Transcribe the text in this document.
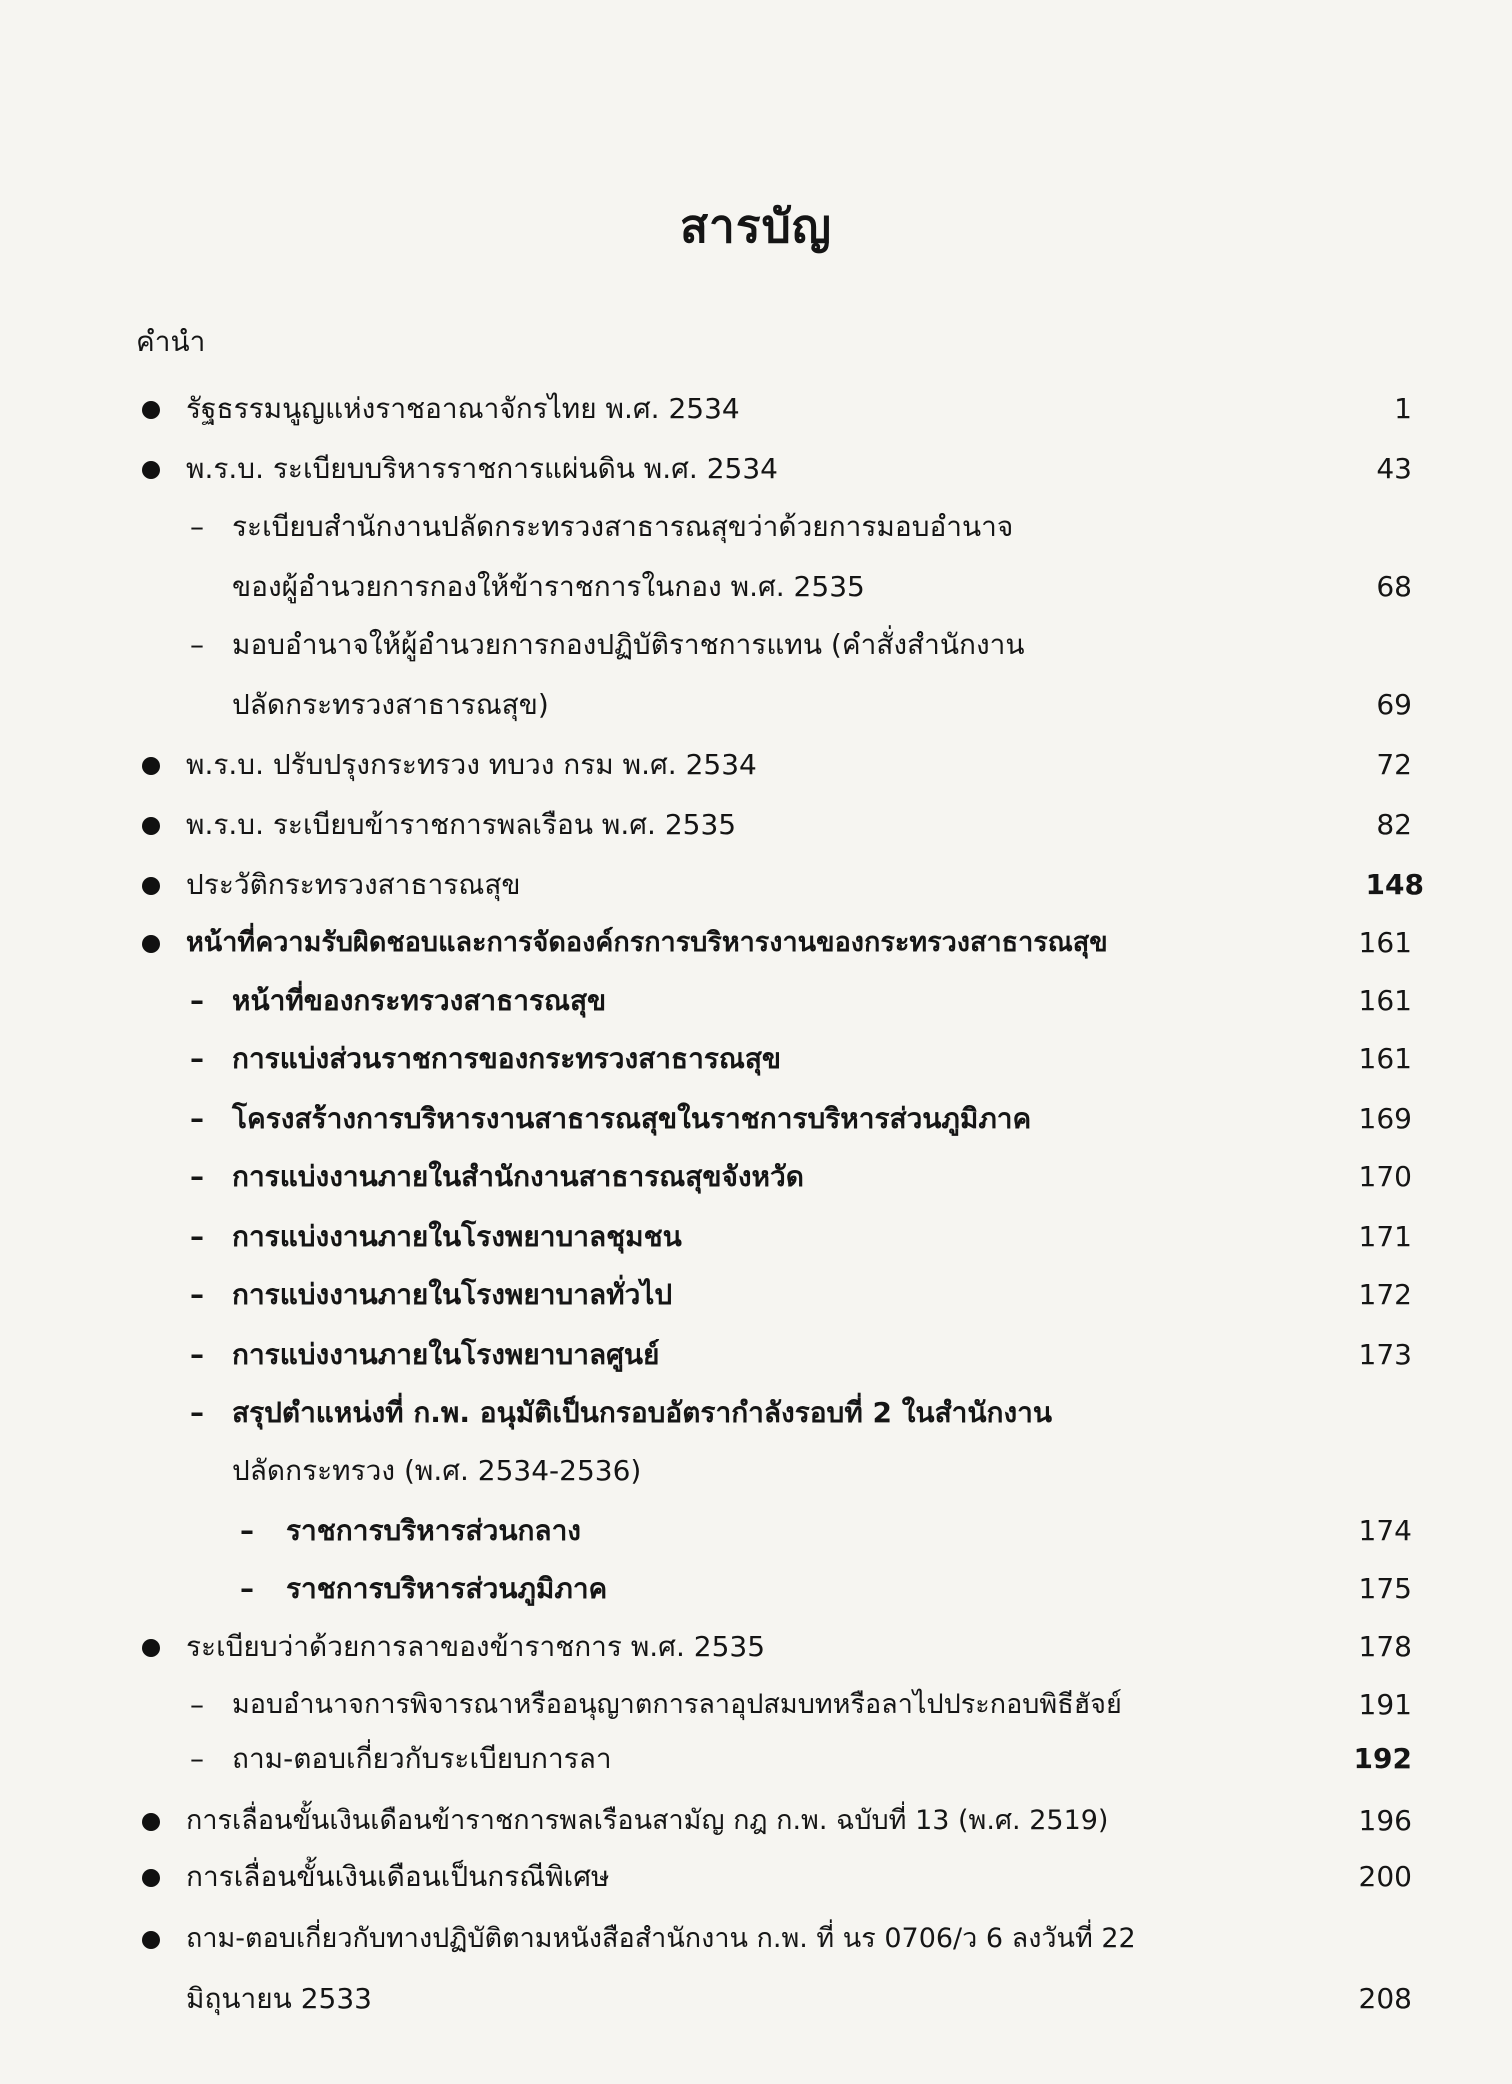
สารบัญ
คำนำ
รัฐธรรมนูญแห่งราชอาณาจักรไทย พ.ศ. 2534	1
พ.ร.บ. ระเบียบบริหารราชการแผ่นดิน พ.ศ. 2534	43
– ระเบียบสำนักงานปลัดกระทรวงสาธารณสุขว่าด้วยการมอบอำนาจ
ของผู้อำนวยการกองให้ข้าราชการในกอง พ.ศ. 2535	68
– มอบอำนาจให้ผู้อำนวยการกองปฏิบัติราชการแทน (คำสั่งสำนักงาน
ปลัดกระทรวงสาธารณสุข)	69
พ.ร.บ. ปรับปรุงกระทรวง ทบวง กรม พ.ศ. 2534	72
พ.ร.บ. ระเบียบข้าราชการพลเรือน พ.ศ. 2535	82
ประวัติกระทรวงสาธารณสุข	148
หน้าที่ความรับผิดชอบและการจัดองค์กรการบริหารงานของกระทรวงสาธารณสุข	161
– หน้าที่ของกระทรวงสาธารณสุข	161
– การแบ่งส่วนราชการของกระทรวงสาธารณสุข	161
– โครงสร้างการบริหารงานสาธารณสุขในราชการบริหารส่วนภูมิภาค	169
– การแบ่งงานภายในสำนักงานสาธารณสุขจังหวัด	170
– การแบ่งงานภายในโรงพยาบาลชุมชน	171
– การแบ่งงานภายในโรงพยาบาลทั่วไป	172
– การแบ่งงานภายในโรงพยาบาลศูนย์	173
– สรุปตำแหน่งที่ ก.พ. อนุมัติเป็นกรอบอัตรากำลังรอบที่ 2 ในสำนักงาน
ปลัดกระทรวง (พ.ศ. 2534-2536)
– ราชการบริหารส่วนกลาง	174
– ราชการบริหารส่วนภูมิภาค	175
ระเบียบว่าด้วยการลาของข้าราชการ พ.ศ. 2535	178
– มอบอำนาจการพิจารณาหรืออนุญาตการลาอุปสมบทหรือลาไปประกอบพิธีฮัจย์	191
– ถาม-ตอบเกี่ยวกับระเบียบการลา	192
การเลื่อนขั้นเงินเดือนข้าราชการพลเรือนสามัญ กฎ ก.พ. ฉบับที่ 13 (พ.ศ. 2519)	196
การเลื่อนขั้นเงินเดือนเป็นกรณีพิเศษ	200
ถาม-ตอบเกี่ยวกับทางปฏิบัติตามหนังสือสำนักงาน ก.พ. ที่ นร 0706/ว 6 ลงวันที่ 22
มิถุนายน 2533	208
